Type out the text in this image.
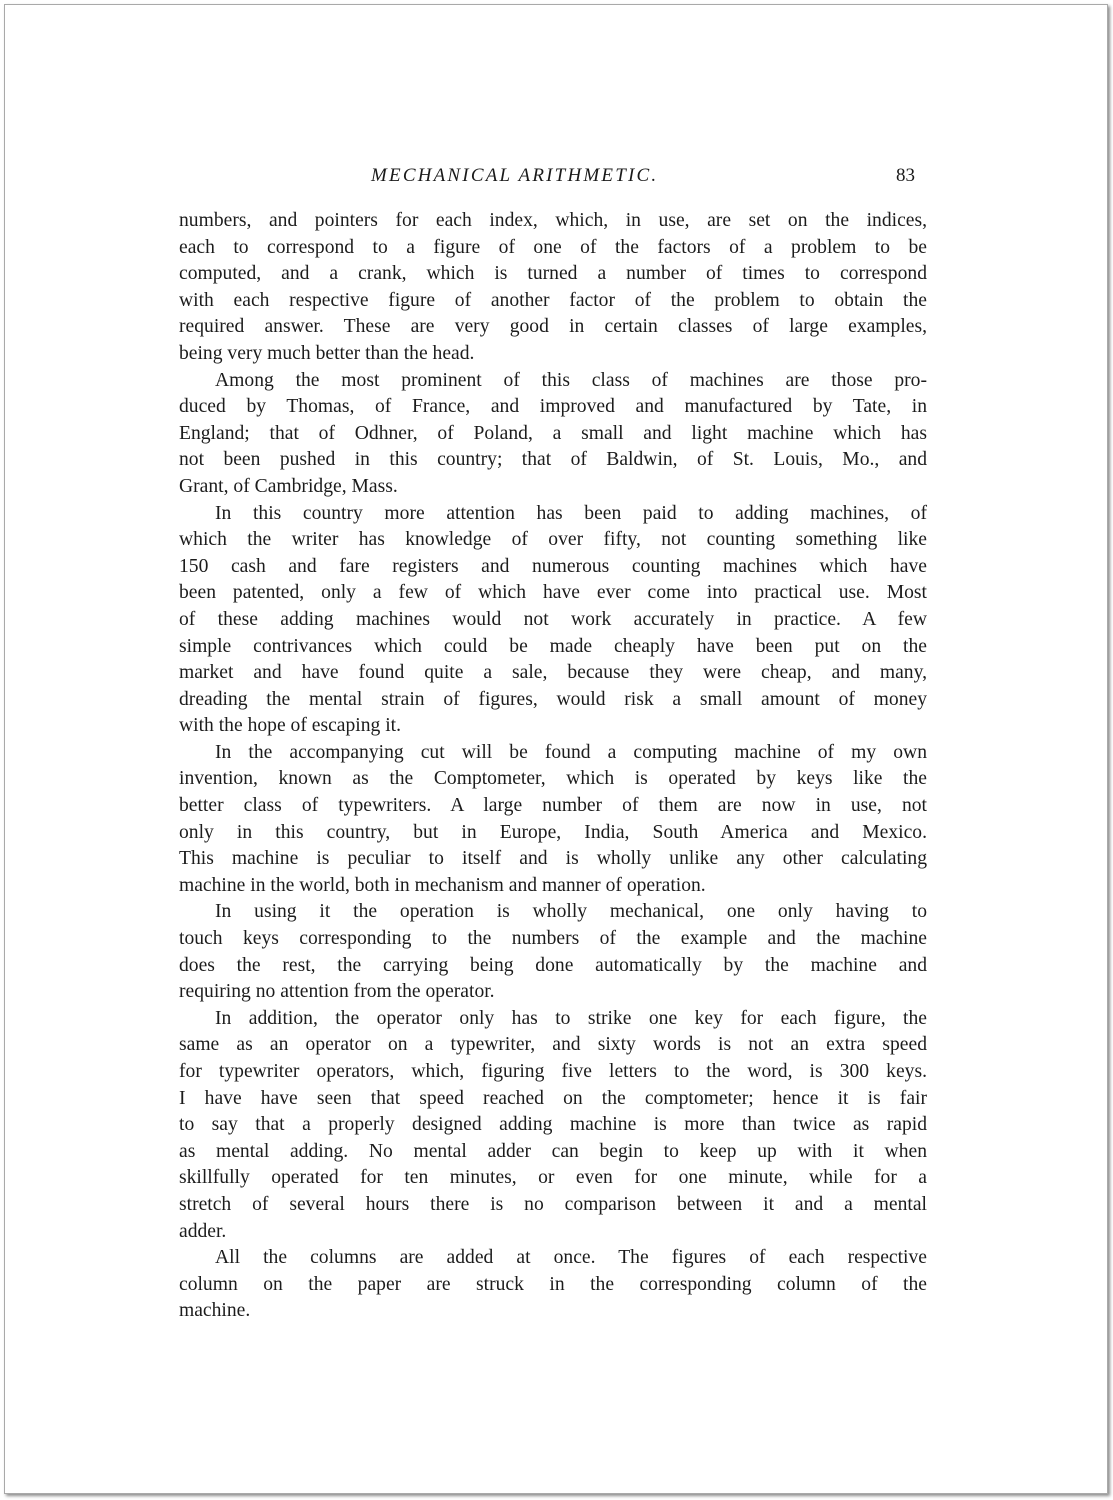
MECHANICAL ARITHMETIC.	83
numbers, and pointers for each index, which, in use, are set on the indices,
each to correspond to a figure of one of the factors of a problem to be
computed, and a crank, which is turned a number of times to correspond
with each respective figure of another factor of the problem to obtain the
required answer. These are very good in certain classes of large examples,
being very much better than the head.
Among the most prominent of this class of machines are those pro-
duced by Thomas, of France, and improved and manufactured by Tate, in
England; that of Odhner, of Poland, a small and light machine which has
not been pushed in this country; that of Baldwin, of St. Louis, Mo., and
Grant, of Cambridge, Mass.
In this country more attention has been paid to adding machines, of
which the writer has knowledge of over fifty, not counting something like
150 cash and fare registers and numerous counting machines which have
been patented, only a few of which have ever come into practical use. Most
of these adding machines would not work accurately in practice. A few
simple contrivances which could be made cheaply have been put on the
market and have found quite a sale, because they were cheap, and many,
dreading the mental strain of figures, would risk a small amount of money
with the hope of escaping it.
In the accompanying cut will be found a computing machine of my own
invention, known as the Comptometer, which is operated by keys like the
better class of typewriters. A large number of them are now in use, not
only in this country, but in Europe, India, South America and Mexico.
This machine is peculiar to itself and is wholly unlike any other calculating
machine in the world, both in mechanism and manner of operation.
In using it the operation is wholly mechanical, one only having to
touch keys corresponding to the numbers of the example and the machine
does the rest, the carrying being done automatically by the machine and
requiring no attention from the operator.
In addition, the operator only has to strike one key for each figure, the
same as an operator on a typewriter, and sixty words is not an extra speed
for typewriter operators, which, figuring five letters to the word, is 300 keys.
I have have seen that speed reached on the comptometer; hence it is fair
to say that a properly designed adding machine is more than twice as rapid
as mental adding. No mental adder can begin to keep up with it when
skillfully operated for ten minutes, or even for one minute, while for a
stretch of several hours there is no comparison between it and a mental
adder.
All the columns are added at once. The figures of each respective
column on the paper are struck in the corresponding column of the
machine.
